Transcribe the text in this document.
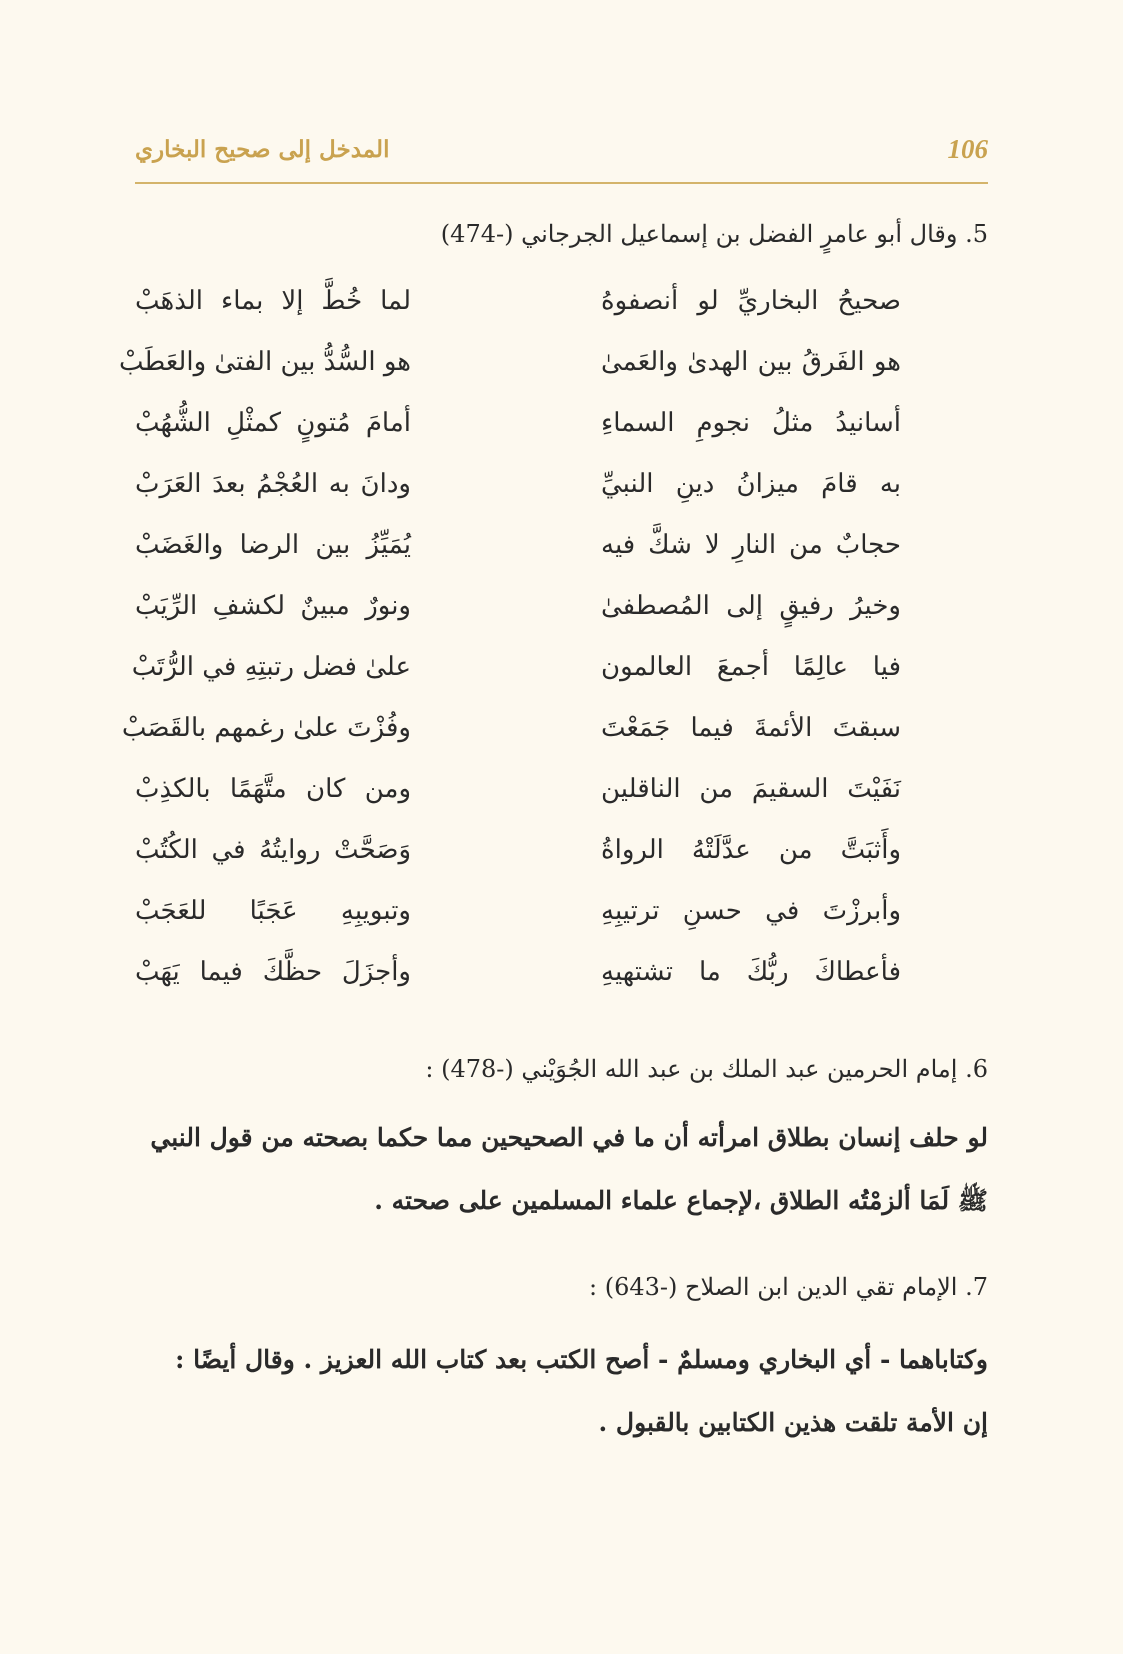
المدخل إلى صحيح البخاري	106
5. وقال أبو عامرٍ الفضل بن إسماعيل الجرجاني (-474)
صحيحُ البخاريِّ لو أنصفوهُ
لما خُطَّ إلا بماء الذهَبْ
هو الفَرقُ بين الهدىٰ والعَمىٰ
هو السُّدُّ بين الفتىٰ والعَطَبْ
أسانيدُ مثلُ نجومِ السماءِ
أمامَ مُتونٍ كمثْلِ الشُّهُبْ
به قامَ ميزانُ دينِ النبيِّ
ودانَ به العُجْمُ بعدَ العَرَبْ
حجابٌ من النارِ لا شكَّ فيه
يُمَيِّزُ بين الرضا والغَضَبْ
وخيرُ رفيقٍ إلى المُصطفىٰ
ونورٌ مبينٌ لكشفِ الرِّيَبْ
فيا عالِمًا أجمعَ العالمون
علىٰ فضل رتبتِهِ في الرُّتَبْ
سبقتَ الأئمةَ فيما جَمَعْتَ
وفُزْتَ علىٰ رغمهم بالقَصَبْ
نَفَيْتَ السقيمَ من الناقلين
ومن كان متَّهَمًا بالكذِبْ
وأَثبَتَّ من عدَّلَتْهُ الرواةُ
وَصَحَّتْ روايتُهُ في الكُتُبْ
وأبرزْتَ في حسنِ ترتيبِهِ
وتبويبِهِ عَجَبًا للعَجَبْ
فأعطاكَ ربُّكَ ما تشتهيهِ
وأجزَلَ حظَّكَ فيما يَهَبْ
6. إمام الحرمين عبد الملك بن عبد الله الجُوَيْني (-478) :
لو حلف إنسان بطلاق امرأته أن ما في الصحيحين مما حكما بصحته من قول النبي
ﷺ لَمَا ألزمْتُه الطلاق ،لإجماع علماء المسلمين على صحته .
7. الإمام تقي الدين ابن الصلاح (-643) :
وكتاباهما - أي البخاري ومسلمٌ - أصح الكتب بعد كتاب الله العزيز . وقال أيضًا :
إن الأمة تلقت هذين الكتابين بالقبول .
